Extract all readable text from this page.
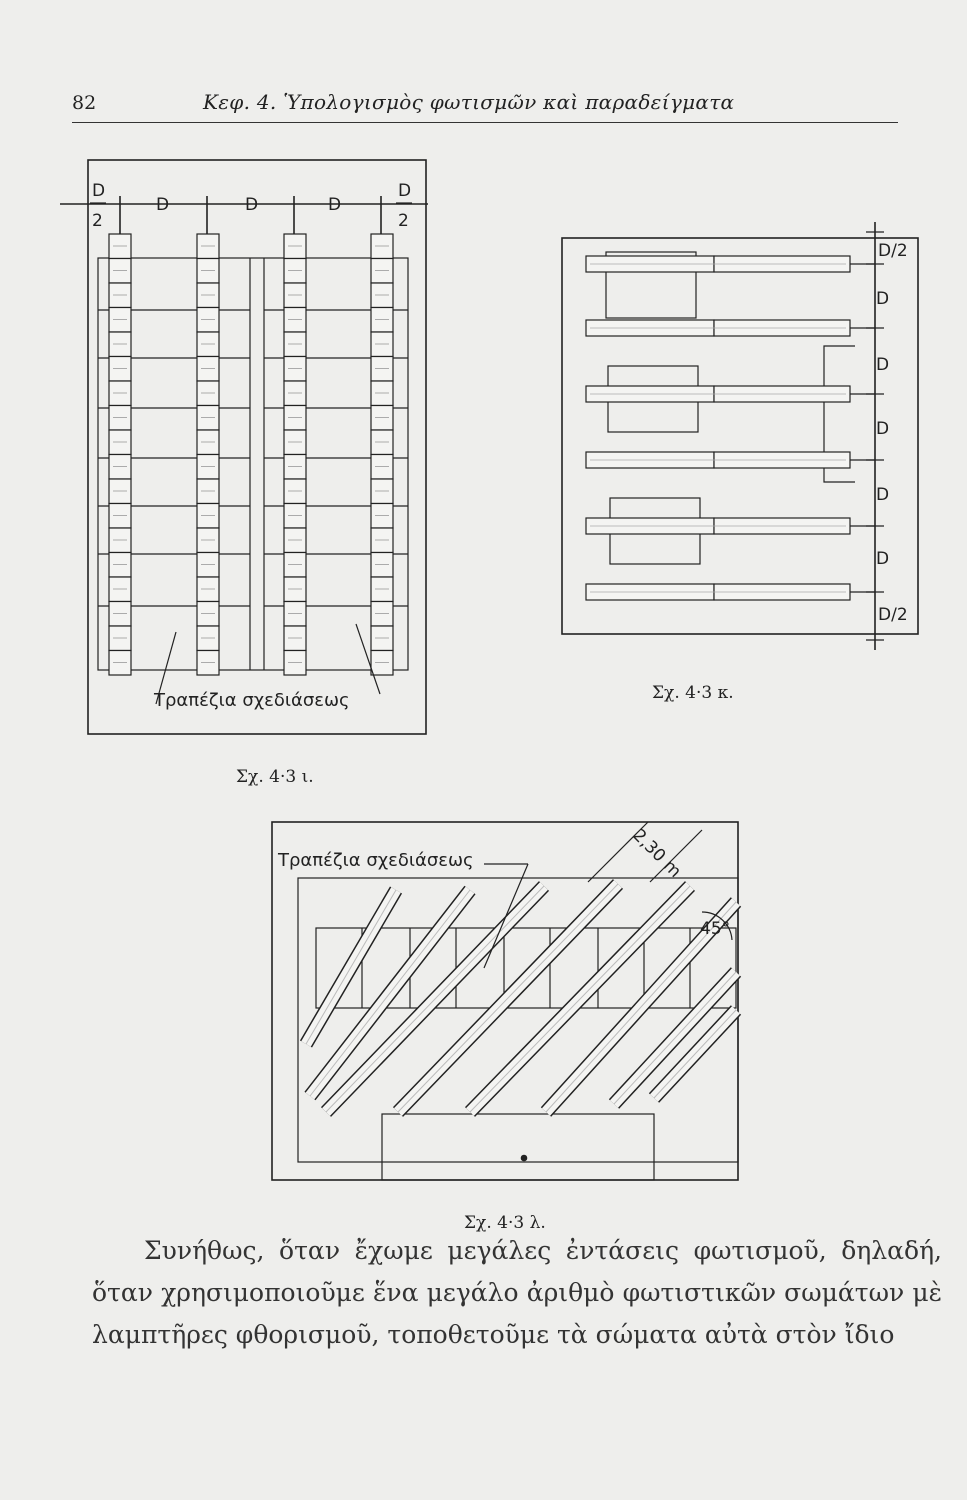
82	Κεφ. 4. Ὑπολογισμὸς φωτισμῶν καὶ παραδείγματα
D
2
D	D	D
D
2
Τραπέζια σχεδιάσεως
Σχ. 4·3 ι.
D/2
D
D
D
D
D
D/2
Σχ. 4·3 κ.
Τραπέζια σχεδιάσεως	2,30 m
45°
Σχ. 4·3 λ.

Συνήθως, ὅταν ἔχωμε μεγάλες ἐντάσεις φωτισμοῦ, δηλαδή, ὅταν χρησιμοποιοῦμε ἕνα μεγάλο ἀριθμὸ φωτιστικῶν σωμάτων μὲ λαμπτῆρες φθορισμοῦ, τοποθετοῦμε τὰ σώματα αὐτὰ στὸν ἴδιο
